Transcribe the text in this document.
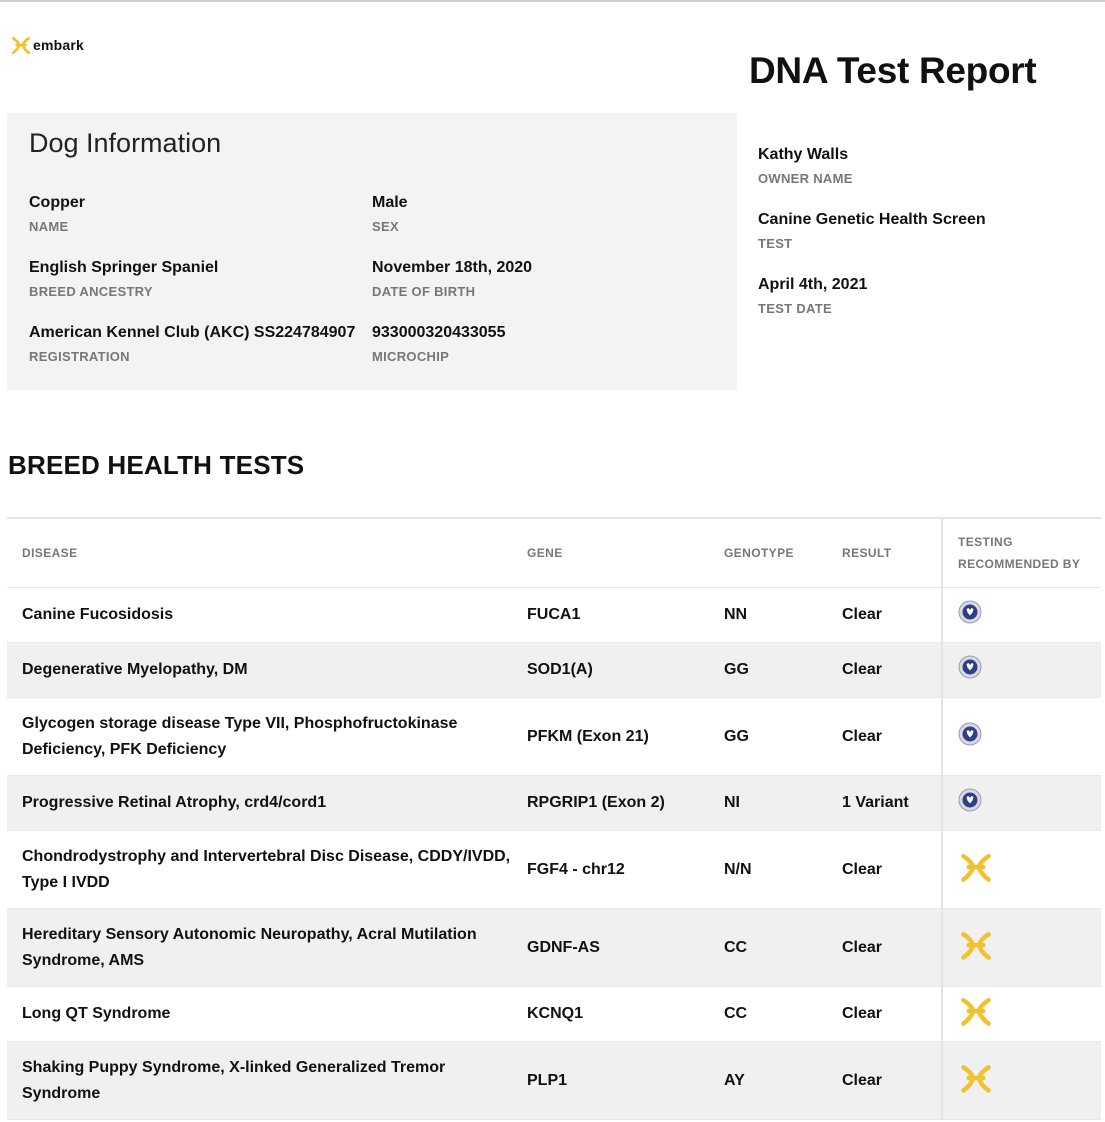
embark
DNA Test Report
Dog Information
Copper
NAME
Male
SEX
English Springer Spaniel
BREED ANCESTRY
November 18th, 2020
DATE OF BIRTH
American Kennel Club (AKC) SS224784907
REGISTRATION
933000320433055
MICROCHIP
Kathy Walls
OWNER NAME
Canine Genetic Health Screen
TEST
April 4th, 2021
TEST DATE
BREED HEALTH TESTS
DISEASE	GENE	GENOTYPE	RESULT	TESTING
RECOMMENDED BY
Canine Fucosidosis	FUCA1	NN	Clear	
Degenerative Myelopathy, DM	SOD1(A)	GG	Clear	
Glycogen storage disease Type VII, Phosphofructokinase Deficiency, PFK Deficiency	PFKM (Exon 21)	GG	Clear	
Progressive Retinal Atrophy, crd4/cord1	RPGRIP1 (Exon 2)	NI	1 Variant	
Chondrodystrophy and Intervertebral Disc Disease, CDDY/IVDD, Type I IVDD	FGF4 - chr12	N/N	Clear	
Hereditary Sensory Autonomic Neuropathy, Acral Mutilation Syndrome, AMS	GDNF-AS	CC	Clear	
Long QT Syndrome	KCNQ1	CC	Clear	
Shaking Puppy Syndrome, X-linked Generalized Tremor Syndrome	PLP1	AY	Clear	
